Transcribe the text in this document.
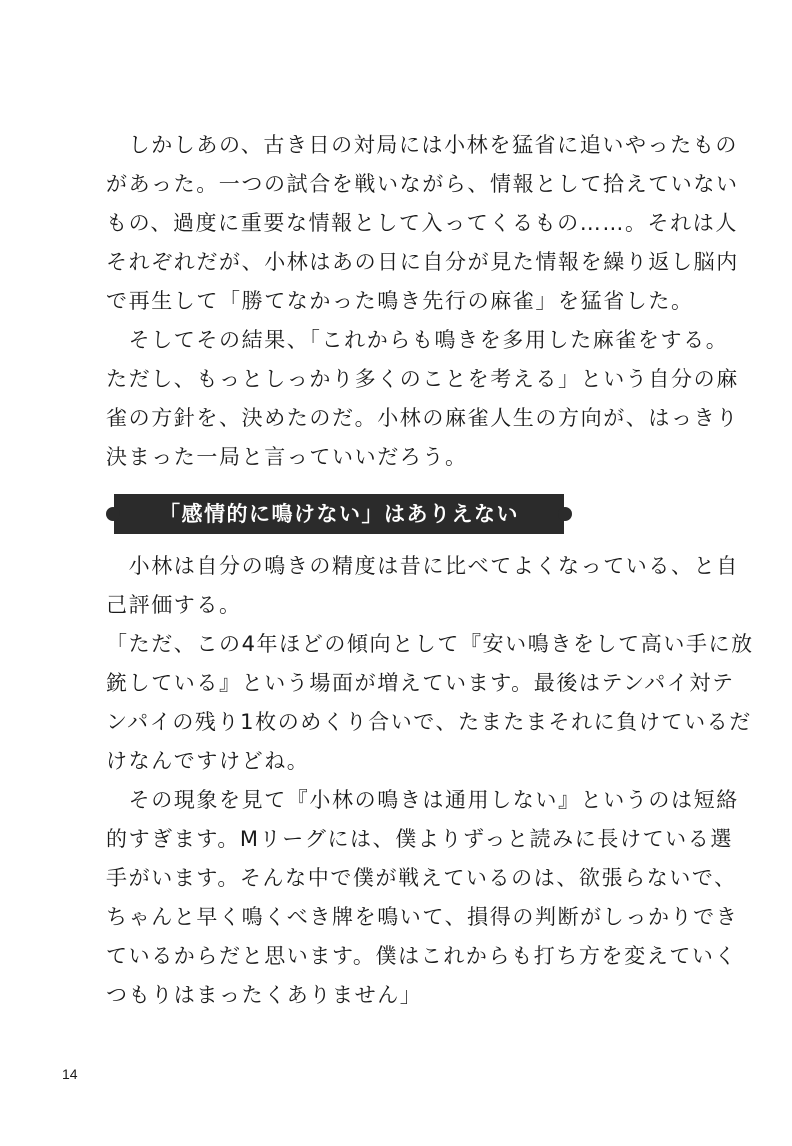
　しかしあの、古き日の対局には小林を猛省に追いやったもの
があった。一つの試合を戦いながら、情報として拾えていない
もの、過度に重要な情報として入ってくるもの……。それは人
それぞれだが、小林はあの日に自分が見た情報を繰り返し脳内
で再生して「勝てなかった鳴き先行の麻雀」を猛省した。
　そしてその結果、「これからも鳴きを多用した麻雀をする。
ただし、もっとしっかり多くのことを考える」という自分の麻
雀の方針を、決めたのだ。小林の麻雀人生の方向が、はっきり
決まった一局と言っていいだろう。
「感情的に鳴けない」はありえない
　小林は自分の鳴きの精度は昔に比べてよくなっている、と自
己評価する。
「ただ、この4年ほどの傾向として『安い鳴きをして高い手に放
銃している』という場面が増えています。最後はテンパイ対テ
ンパイの残り1枚のめくり合いで、たまたまそれに負けているだ
けなんですけどね。
　その現象を見て『小林の鳴きは通用しない』というのは短絡
的すぎます。Mリーグには、僕よりずっと読みに長けている選
手がいます。そんな中で僕が戦えているのは、欲張らないで、
ちゃんと早く鳴くべき牌を鳴いて、損得の判断がしっかりでき
ているからだと思います。僕はこれからも打ち方を変えていく
つもりはまったくありません」
14
